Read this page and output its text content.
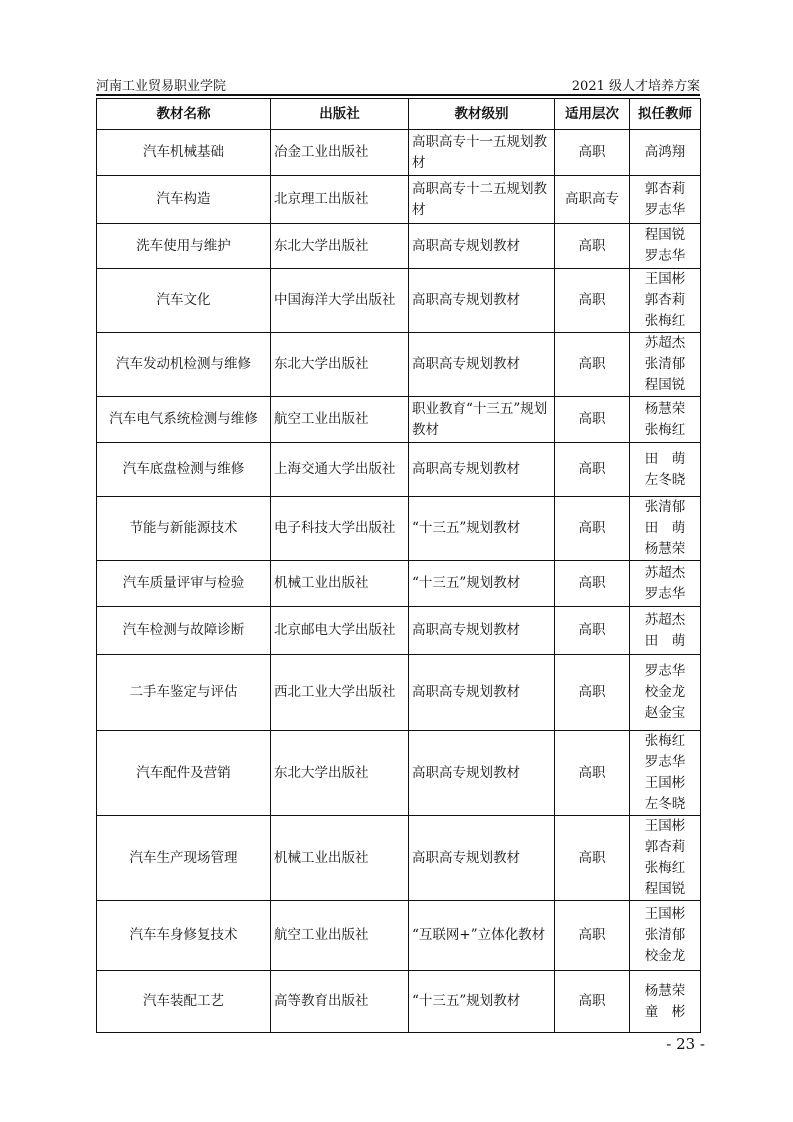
河南工业贸易职业学院	2021 级人才培养方案
教材名称	出版社	教材级别	适用层次	拟任教师
汽车机械基础	冶金工业出版社	高职高专十一五规划教材	高职	高鸿翔

汽车构造	北京理工出版社	高职高专十二五规划教材	高职高专	郭杏莉
罗志华

洗车使用与维护	东北大学出版社	高职高专规划教材	高职	程国锐
罗志华

汽车文化	中国海洋大学出版社	高职高专规划教材	高职	王国彬
郭杏莉
张梅红

汽车发动机检测与维修	东北大学出版社	高职高专规划教材	高职	苏超杰
张清郁
程国锐

汽车电气系统检测与维修	航空工业出版社	职业教育“十三五”规划教材	高职	杨慧荣
张梅红

汽车底盘检测与维修	上海交通大学出版社	高职高专规划教材	高职	田　萌
左冬晓

节能与新能源技术	电子科技大学出版社	“十三五”规划教材	高职	张清郁
田　萌
杨慧荣

汽车质量评审与检验	机械工业出版社	“十三五”规划教材	高职	苏超杰
罗志华

汽车检测与故障诊断	北京邮电大学出版社	高职高专规划教材	高职	苏超杰
田　萌

二手车鉴定与评估	西北工业大学出版社	高职高专规划教材	高职	罗志华
校金龙
赵金宝

汽车配件及营销	东北大学出版社	高职高专规划教材	高职	张梅红
罗志华
王国彬
左冬晓

汽车生产现场管理	机械工业出版社	高职高专规划教材	高职	王国彬
郭杏莉
张梅红
程国锐

汽车车身修复技术	航空工业出版社	“互联网+”立体化教材	高职	王国彬
张清郁
校金龙

汽车装配工艺	高等教育出版社	“十三五”规划教材	高职	杨慧荣
童　彬
- 23 -
